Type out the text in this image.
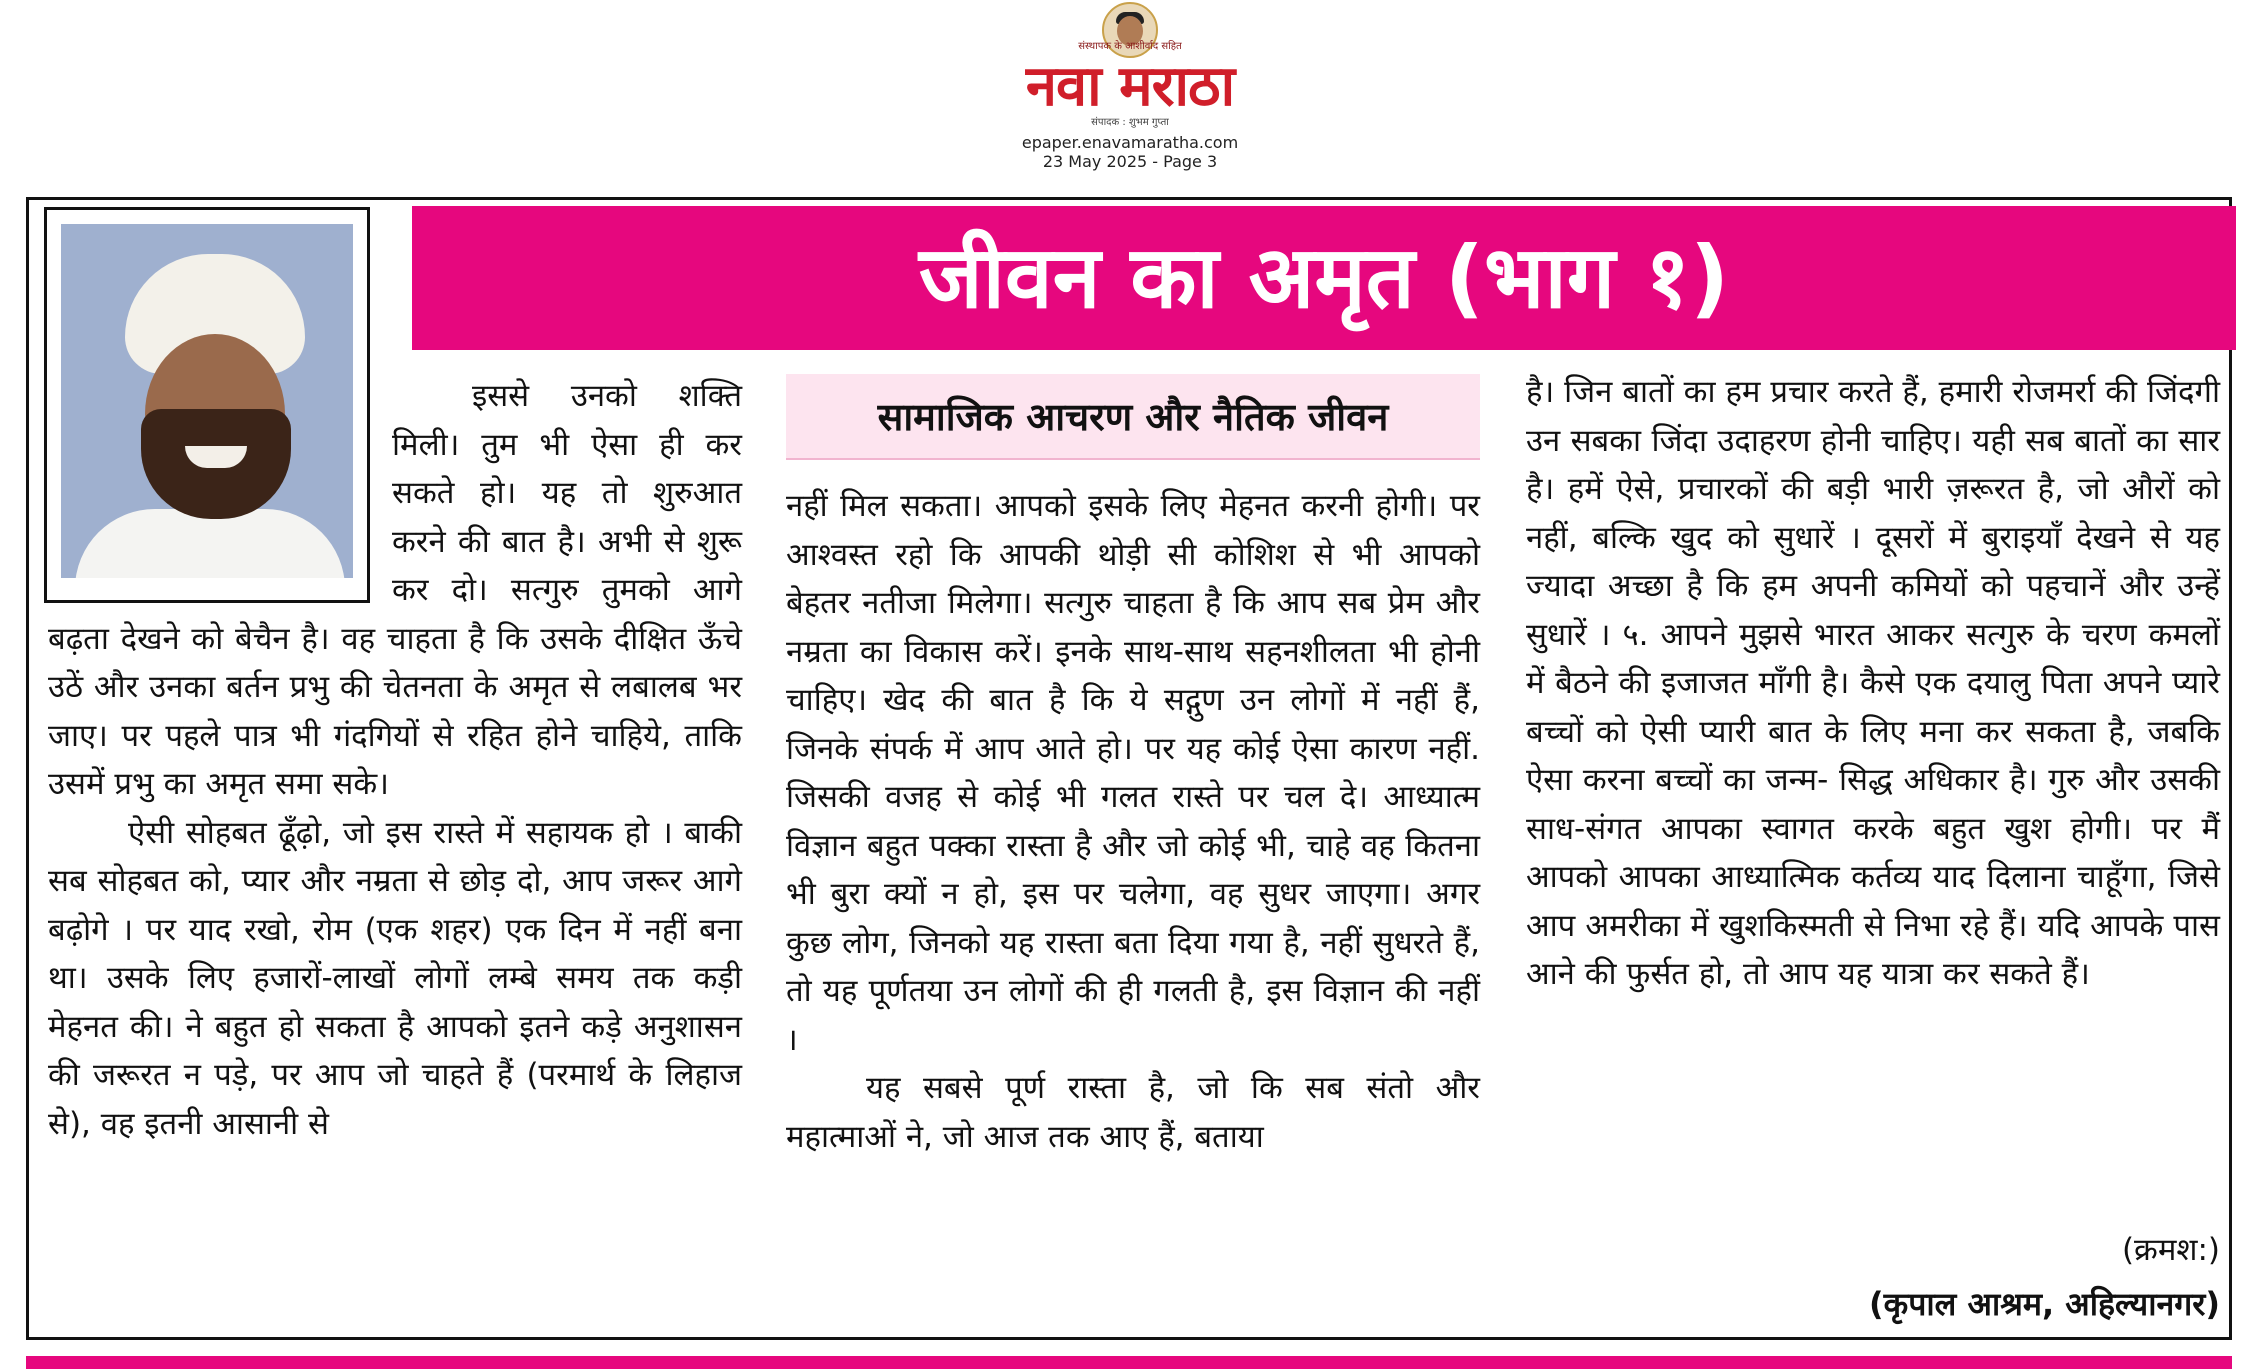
संस्थापक के आशीर्वाद सहित
नवा मराठा
संपादक : शुभम गुप्ता
epaper.enavamaratha.com
23 May 2025 - Page 3
जीवन का अमृत (भाग १)

इससे उनको शक्ति मिली। तुम भी ऐसा ही कर सकते हो। यह तो शुरुआत करने की बात है। अभी से शुरू कर दो। सत्गुरु तुमको आगे बढ़ता देखने को बेचैन है। वह चाहता है कि उसके दीक्षित ऊँचे उठें और उनका बर्तन प्रभु की चेतनता के अमृत से लबालब भर जाए। पर पहले पात्र भी गंदगियों से रहित होने चाहिये, ताकि उसमें प्रभु का अमृत समा सके।

ऐसी सोहबत ढूँढ़ो, जो इस रास्ते में सहायक हो । बाकी सब सोहबत को, प्यार और नम्रता से छोड़ दो, आप जरूर आगे बढ़ोगे । पर याद रखो, रोम (एक शहर) एक दिन में नहीं बना था। उसके लिए हजारों-लाखों लोगों लम्बे समय तक कड़ी मेहनत की। ने बहुत हो सकता है आपको इतने कड़े अनुशासन की जरूरत न पड़े, पर आप जो चाहते हैं (परमार्थ के लिहाज से), वह इतनी आसानी से

सामाजिक आचरण और नैतिक जीवन

नहीं मिल सकता। आपको इसके लिए मेहनत करनी होगी। पर आश्वस्त रहो कि आपकी थोड़ी सी कोशिश से भी आपको बेहतर नतीजा मिलेगा। सत्गुरु चाहता है कि आप सब प्रेम और नम्रता का विकास करें। इनके साथ-साथ सहनशीलता भी होनी चाहिए। खेद की बात है कि ये सद्गुण उन लोगों में नहीं हैं, जिनके संपर्क में आप आते हो। पर यह कोई ऐसा कारण नहीं. जिसकी वजह से कोई भी गलत रास्ते पर चल दे। आध्यात्म विज्ञान बहुत पक्का रास्ता है और जो कोई भी, चाहे वह कितना भी बुरा क्यों न हो, इस पर चलेगा, वह सुधर जाएगा। अगर कुछ लोग, जिनको यह रास्ता बता दिया गया है, नहीं सुधरते हैं, तो यह पूर्णतया उन लोगों की ही गलती है, इस विज्ञान की नहीं ।

यह सबसे पूर्ण रास्ता है, जो कि सब संतो और महात्माओं ने, जो आज तक आए हैं, बताया

है। जिन बातों का हम प्रचार करते हैं, हमारी रोजमर्रा की जिंदगी उन सबका जिंदा उदाहरण होनी चाहिए। यही सब बातों का सार है। हमें ऐसे, प्रचारकों की बड़ी भारी ज़रूरत है, जो औरों को नहीं, बल्कि खुद को सुधारें । दूसरों में बुराइयाँ देखने से यह ज्यादा अच्छा है कि हम अपनी कमियों को पहचानें और उन्हें सुधारें । ५. आपने मुझसे भारत आकर सत्गुरु के चरण कमलों में बैठने की इजाजत माँगी है। कैसे एक दयालु पिता अपने प्यारे बच्चों को ऐसी प्यारी बात के लिए मना कर सकता है, जबकि ऐसा करना बच्चों का जन्म- सिद्ध अधिकार है। गुरु और उसकी साध-संगत आपका स्वागत करके बहुत खुश होगी। पर मैं आपको आपका आध्यात्मिक कर्तव्य याद दिलाना चाहूँगा, जिसे आप अमरीका में खुशकिस्मती से निभा रहे हैं। यदि आपके पास आने की फुर्सत हो, तो आप यह यात्रा कर सकते हैं।

(क्रमश:)
(कृपाल आश्रम, अहिल्यानगर)
